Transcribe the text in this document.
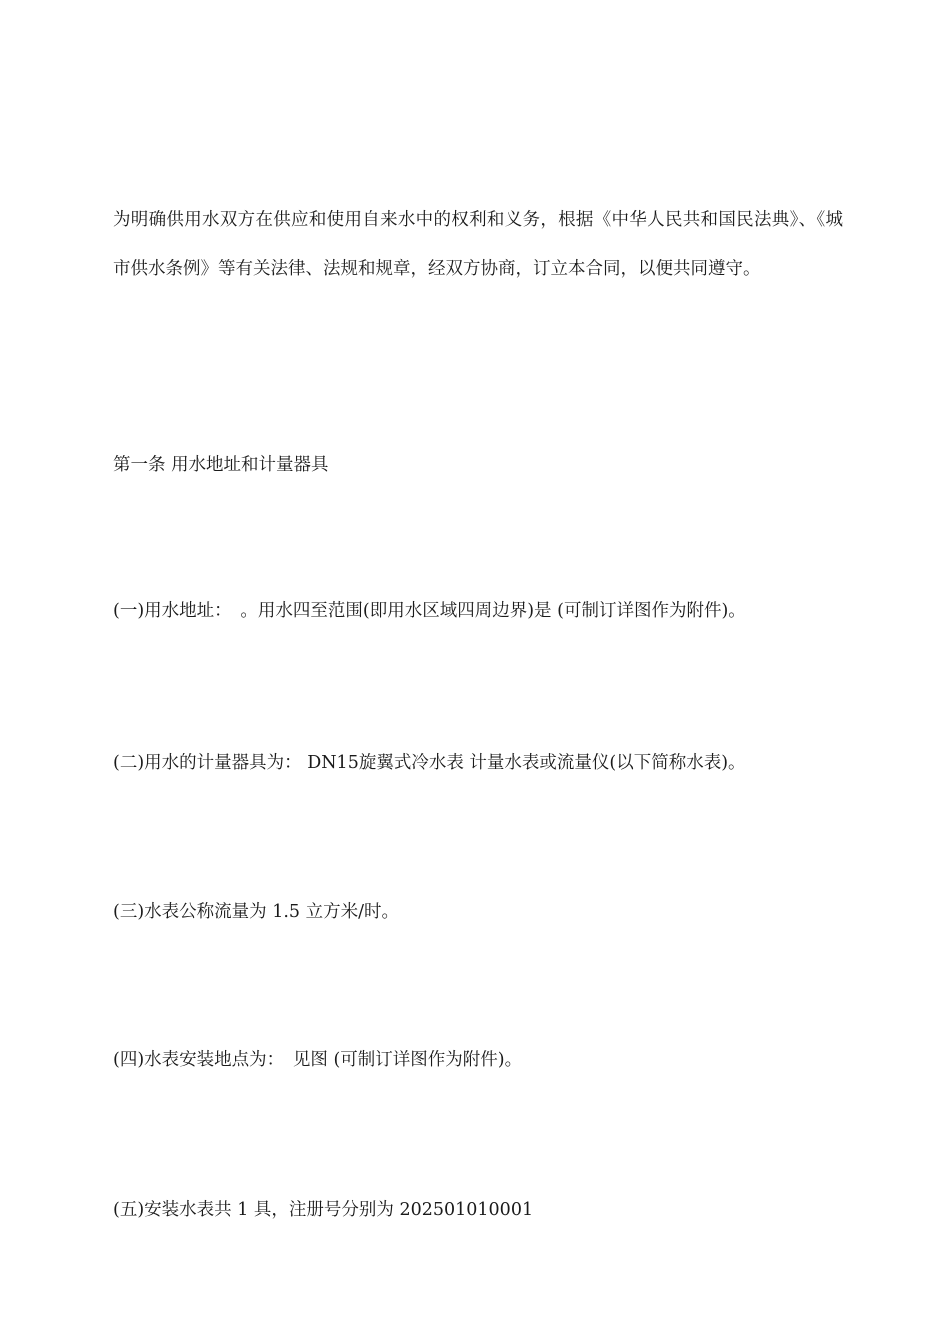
为明确供用水双方在供应和使用自来水中的权利和义务，根据《中华人民共和国民法典》、《城市供水条例》等有关法律、法规和规章，经双方协商，订立本合同，以便共同遵守。

第一条 用水地址和计量器具

(一)用水地址：　。用水四至范围(即用水区域四周边界)是 (可制订详图作为附件)。

(二)用水的计量器具为： DN15旋翼式冷水表 计量水表或流量仪(以下简称水表)。

(三)水表公称流量为 1.5 立方米/时。

(四)水表安装地点为：　见图 (可制订详图作为附件)。

(五)安装水表共 1 具，注册号分别为 202501010001
